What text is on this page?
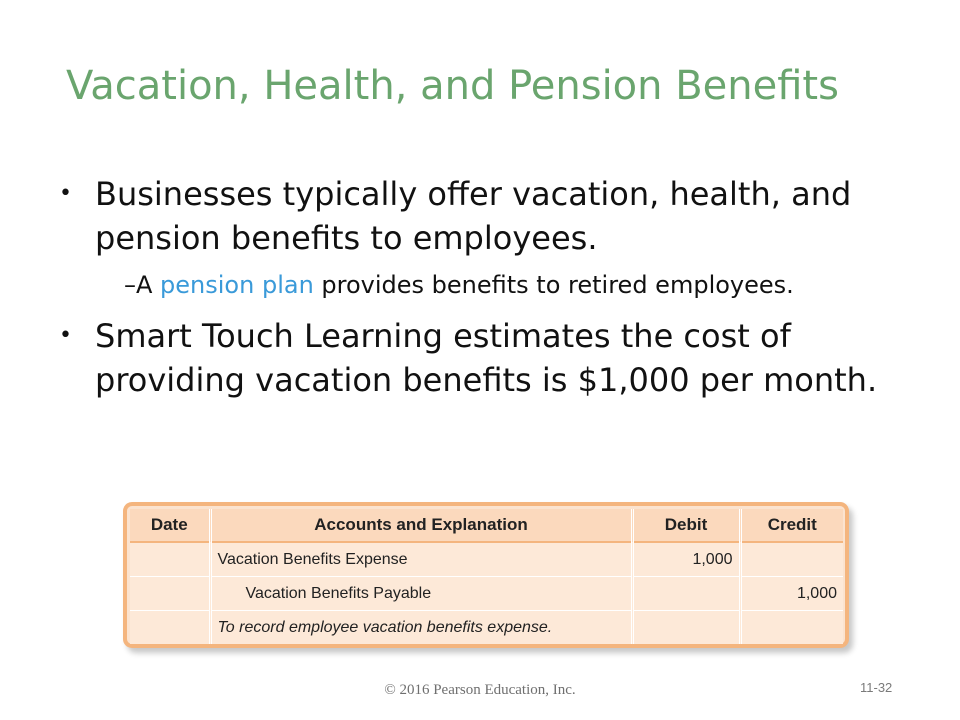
Vacation, Health, and Pension Benefits
• Businesses typically offer vacation, health, and pension benefits to employees.
– A pension plan provides benefits to retired employees.
• Smart Touch Learning estimates the cost of providing vacation benefits is $1,000 per month.
Date	Accounts and Explanation	Debit	Credit
	Vacation Benefits Expense	1,000	
	Vacation Benefits Payable		1,000
	To record employee vacation benefits expense.		
© 2016 Pearson Education, Inc.	11-32
